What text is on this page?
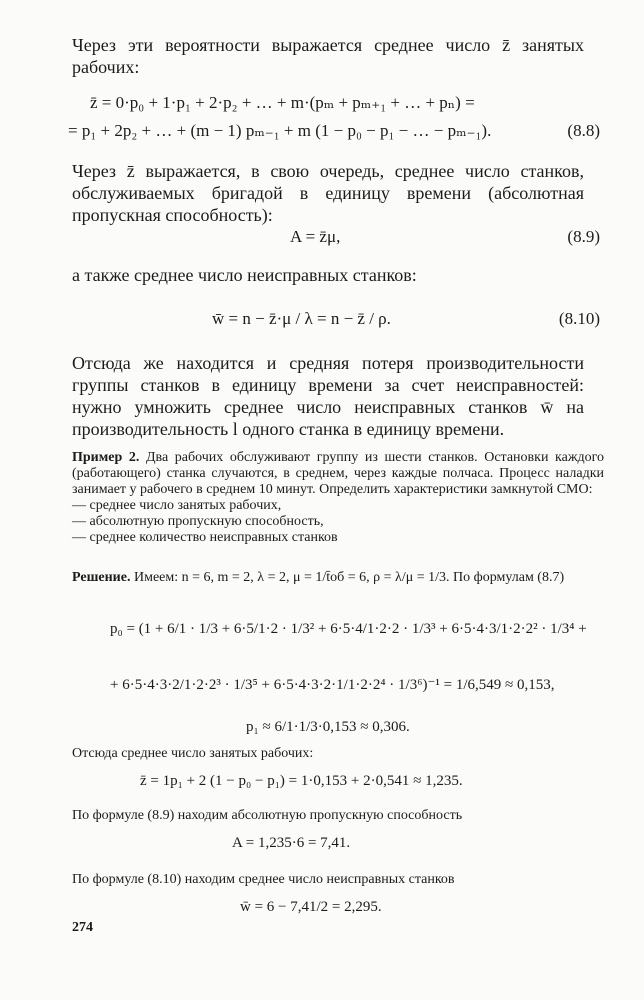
Через эти вероятности выражается среднее число z̄ занятых рабочих:
z̄ = 0·p₀ + 1·p₁ + 2·p₂ + … + m·(pₘ + pₘ₊₁ + … + pₙ) =
= p₁ + 2p₂ + … + (m − 1) pₘ₋₁ + m (1 − p₀ − p₁ − … − pₘ₋₁).	(8.8)
Через z̄ выражается, в свою очередь, среднее число станков, обслуживаемых бригадой в единицу времени (абсолютная пропускная способность):
A = z̄μ,	(8.9)
а также среднее число неисправных станков:
w̄ = n − z̄·μ / λ = n − z̄ / ρ.	(8.10)
Отсюда же находится и средняя потеря производительности группы станков в единицу времени за счет неисправностей: нужно умножить среднее число неисправных станков w̄ на производительность l одного станка в единицу времени.
Пример 2. Два рабочих обслуживают группу из шести станков. Остановки каждого (работающего) станка случаются, в среднем, через каждые полчаса. Процесс наладки занимает у рабочего в среднем 10 минут. Определить характеристики замкнутой СМО:
— среднее число занятых рабочих,
— абсолютную пропускную способность,
— среднее количество неисправных станков
Решение. Имеем: n = 6, m = 2, λ = 2, μ = 1/t̄об = 6, ρ = λ/μ = 1/3. По формулам (8.7)
p₀ = (1 + 6/1 · 1/3 + 6·5/1·2 · 1/3² + 6·5·4/1·2·2 · 1/3³ + 6·5·4·3/1·2·2² · 1/3⁴ +
+ 6·5·4·3·2/1·2·2³ · 1/3⁵ + 6·5·4·3·2·1/1·2·2⁴ · 1/3⁶)⁻¹ = 1/6,549 ≈ 0,153,
p₁ ≈ 6/1·1/3·0,153 ≈ 0,306.
Отсюда среднее число занятых рабочих:
z̄ = 1p₁ + 2 (1 − p₀ − p₁) = 1·0,153 + 2·0,541 ≈ 1,235.
По формуле (8.9) находим абсолютную пропускную способность
A = 1,235·6 = 7,41.
По формуле (8.10) находим среднее число неисправных станков
w̄ = 6 − 7,41/2 = 2,295.
274
